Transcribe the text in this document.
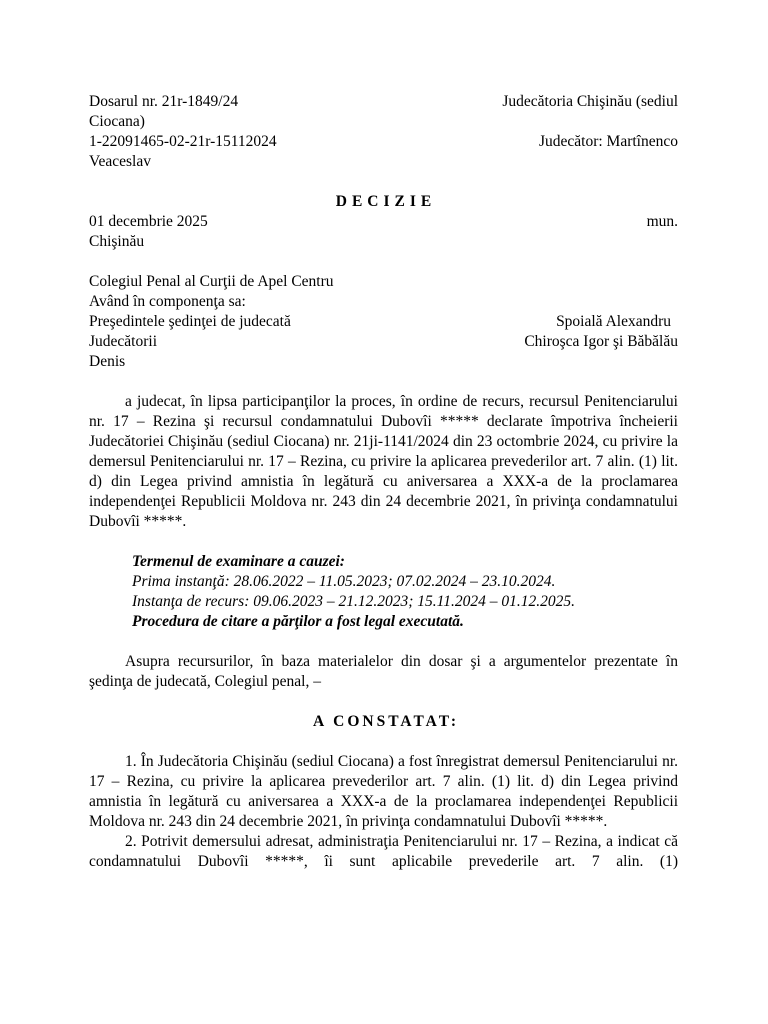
Dosarul nr. 21r-1849/24	Judecătoria Chişinău (sediul
Ciocana)
1-22091465-02-21r-15112024	Judecător: Martînenco
Veaceslav
DECIZIE
01 decembrie 2025	mun.
Chişinău
Colegiul Penal al Curţii de Apel Centru
Având în componenţa sa:
Preşedintele şedinţei de judecată	Spoială Alexandru
Judecătorii	Chiroşca Igor şi Băbălău
Denis

a judecat, în lipsa participanţilor la proces, în ordine de recurs, recursul Penitenciarului nr. 17 – Rezina şi recursul condamnatului Dubovîi ***** declarate împotriva încheierii Judecătoriei Chişinău (sediul Ciocana) nr. 21ji-1141/2024 din 23 octombrie 2024, cu privire la demersul Penitenciarului nr. 17 – Rezina, cu privire la aplicarea prevederilor art. 7 alin. (1) lit. d) din Legea privind amnistia în legătură cu aniversarea a XXX-a de la proclamarea independenţei Republicii Moldova nr. 243 din 24 decembrie 2021, în privinţa condamnatului Dubovîi *****.

Termenul de examinare a cauzei:
Prima instanţă: 28.06.2022 – 11.05.2023; 07.02.2024 – 23.10.2024.
Instanţa de recurs: 09.06.2023 – 21.12.2023; 15.11.2024 – 01.12.2025.
Procedura de citare a părţilor a fost legal executată.

Asupra recursurilor, în baza materialelor din dosar şi a argumentelor prezentate în şedinţa de judecată, Colegiul penal, –

A CONSTATAT:

1. În Judecătoria Chişinău (sediul Ciocana) a fost înregistrat demersul Penitenciarului nr. 17 – Rezina, cu privire la aplicarea prevederilor art. 7 alin. (1) lit. d) din Legea privind amnistia în legătură cu aniversarea a XXX-a de la proclamarea independenţei Republicii Moldova nr. 243 din 24 decembrie 2021, în privinţa condamnatului Dubovîi *****.

2. Potrivit demersului adresat, administraţia Penitenciarului nr. 17 – Rezina, a indicat că condamnatului Dubovîi *****, îi sunt aplicabile prevederile art. 7 alin. (1)
